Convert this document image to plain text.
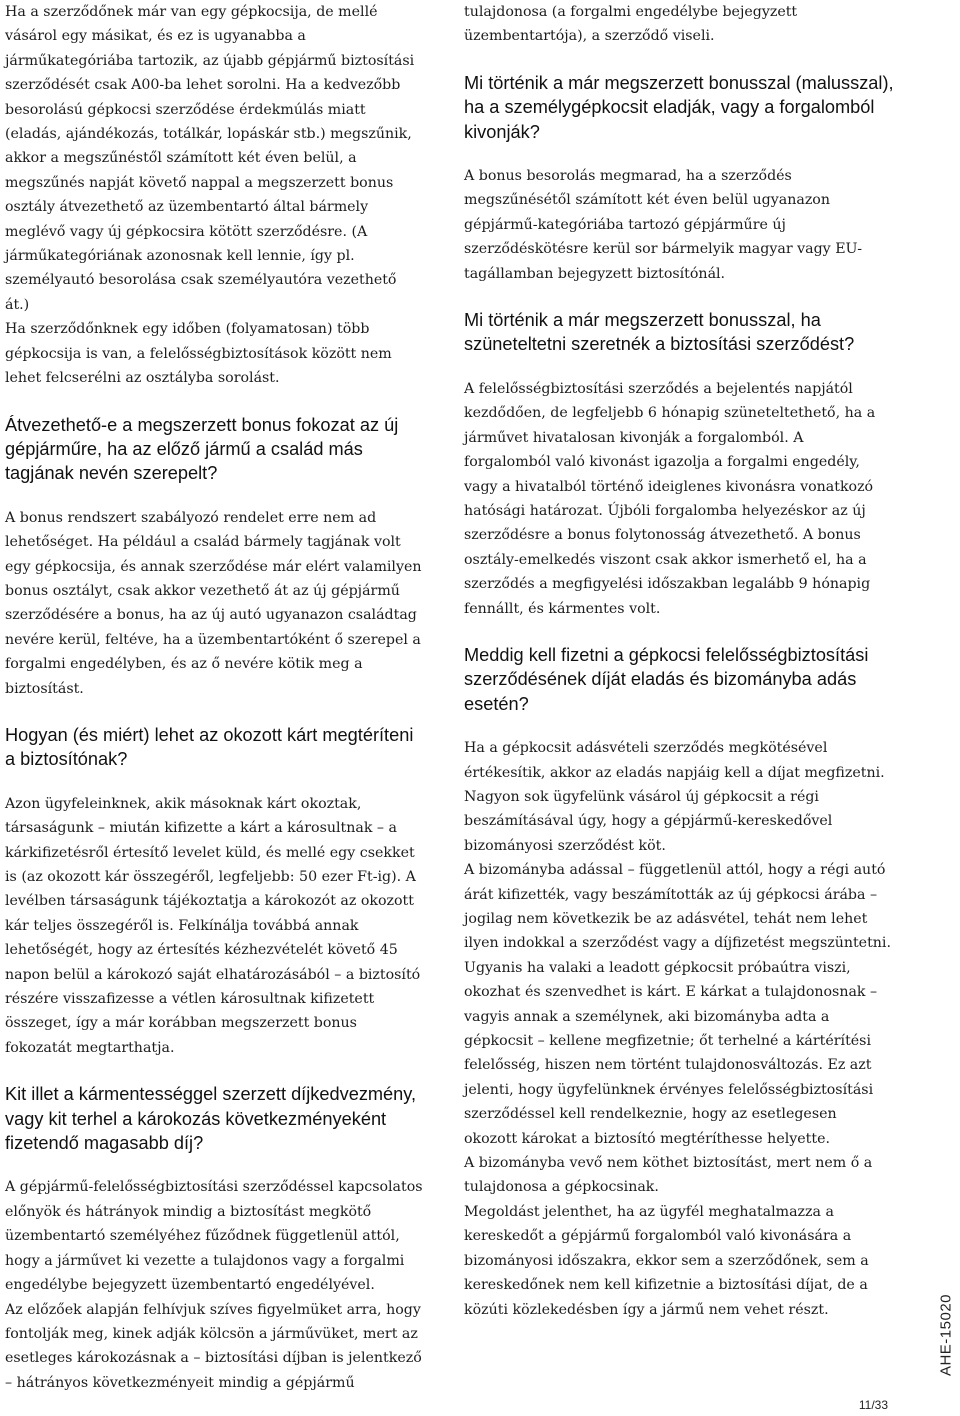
Ha a szerződőnek már van egy gépkocsija, de mellé vásárol egy másikat, és ez is ugyanabba a járműkategóriába tartozik, az újabb gépjármű biztosítási szerződését csak A00-ba lehet sorolni. Ha a kedvezőbb besorolású gépkocsi szerződése érdekmúlás miatt (eladás, ajándékozás, totálkár, lopáskár stb.) megszűnik, akkor a megszűnéstől számított két éven belül, a megszűnés napját követő nappal a megszerzett bonus osztály átvezethető az üzembentartó által bármely meglévő vagy új gépkocsira kötött szerződésre. (A járműkategóriának azonosnak kell lennie, így pl. személyautó besorolása csak személyautóra vezethető át.)

Ha szerződőnknek egy időben (folyamatosan) több gépkocsija is van, a felelősségbiztosítások között nem lehet felcserélni az osztályba sorolást.

Átvezethető-e a megszerzett bonus fokozat az új gépjárműre, ha az előző jármű a család más tagjának nevén szerepelt?

A bonus rendszert szabályozó rendelet erre nem ad lehetőséget. Ha például a család bármely tagjának volt egy gépkocsija, és annak szerződése már elért valamilyen bonus osztályt, csak akkor vezethető át az új gépjármű szerződésére a bonus, ha az új autó ugyanazon családtag nevére kerül, feltéve, ha a üzembentartóként ő szerepel a forgalmi engedélyben, és az ő nevére kötik meg a biztosítást.

Hogyan (és miért) lehet az okozott kárt megtéríteni a biztosítónak?

Azon ügyfeleinknek, akik másoknak kárt okoztak, társaságunk – miután kifizette a kárt a károsultnak – a kárkifizetésről értesítő levelet küld, és mellé egy csekket is (az okozott kár összegéről, legfeljebb: 50 ezer Ft-ig). A levélben társaságunk tájékoztatja a károkozót az okozott kár teljes összegéről is. Felkínálja továbbá annak lehetőségét, hogy az értesítés kézhezvételét követő 45 napon belül a károkozó saját elhatározásából – a biztosító részére visszafizesse a vétlen károsultnak kifizetett összeget, így a már korábban megszerzett bonus fokozatát megtarthatja.

Kit illet a kármentességgel szerzett díjkedvezmény, vagy kit terhel a károkozás következményeként fizetendő magasabb díj?

A gépjármű-felelősségbiztosítási szerződéssel kapcsolatos előnyök és hátrányok mindig a biztosítást megkötő üzembentartó személyéhez fűződnek függetlenül attól, hogy a járművet ki vezette a tulajdonos vagy a forgalmi engedélybe bejegyzett üzembentartó engedélyével.

Az előzőek alapján felhívjuk szíves figyelmüket arra, hogy fontolják meg, kinek adják kölcsön a járművüket, mert az esetleges károkozásnak a – biztosítási díjban is jelentkező – hátrányos következményeit mindig a gépjármű

tulajdonosa (a forgalmi engedélybe bejegyzett üzembentartója), a szerződő viseli.

Mi történik a már megszerzett bonusszal (malusszal), ha a személygépkocsit eladják, vagy a forgalomból kivonják?

A bonus besorolás megmarad, ha a szerződés megszűnésétől számított két éven belül ugyanazon gépjármű-kategóriába tartozó gépjárműre új szerződéskötésre kerül sor bármelyik magyar vagy EU-tagállamban bejegyzett biztosítónál.

Mi történik a már megszerzett bonusszal, ha szüneteltetni szeretnék a biztosítási szerződést?

A felelősségbiztosítási szerződés a bejelentés napjától kezdődően, de legfeljebb 6 hónapig szüneteltethető, ha a járművet hivatalosan kivonják a forgalomból. A forgalomból való kivonást igazolja a forgalmi engedély, vagy a hivatalból történő ideiglenes kivonásra vonatkozó hatósági határozat. Újbóli forgalomba helyezéskor az új szerződésre a bonus folytonosság átvezethető. A bonus osztály-emelkedés viszont csak akkor ismerhető el, ha a szerződés a megfigyelési időszakban legalább 9 hónapig fennállt, és kármentes volt.

Meddig kell fizetni a gépkocsi felelősségbiztosítási szerződésének díját eladás és bizományba adás esetén?

Ha a gépkocsit adásvételi szerződés megkötésével értékesítik, akkor az eladás napjáig kell a díjat megfizetni. Nagyon sok ügyfelünk vásárol új gépkocsit a régi beszámításával úgy, hogy a gépjármű-kereskedővel bizományosi szerződést köt.

A bizományba adással – függetlenül attól, hogy a régi autó árát kifizették, vagy beszámították az új gépkocsi árába – jogilag nem következik be az adásvétel, tehát nem lehet ilyen indokkal a szerződést vagy a díjfizetést megszüntetni. Ugyanis ha valaki a leadott gépkocsit próbaútra viszi, okozhat és szenvedhet is kárt. E kárkat a tulajdonosnak – vagyis annak a személynek, aki bizományba adta a gépkocsit – kellene megfizetnie; őt terhelné a kártérítési felelősség, hiszen nem történt tulajdonosváltozás. Ez azt jelenti, hogy ügyfelünknek érvényes felelősségbiztosítási szerződéssel kell rendelkeznie, hogy az esetlegesen okozott károkat a biztosító megtéríthesse helyette.

A bizományba vevő nem köthet biztosítást, mert nem ő a tulajdonosa a gépkocsinak.

Megoldást jelenthet, ha az ügyfél meghatalmazza a kereskedőt a gépjármű forgalomból való kivonására a bizományosi időszakra, ekkor sem a szerződőnek, sem a kereskedőnek nem kell kifizetnie a biztosítási díjat, de a közúti közlekedésben így a jármű nem vehet részt.	AHE-15020
11/33
